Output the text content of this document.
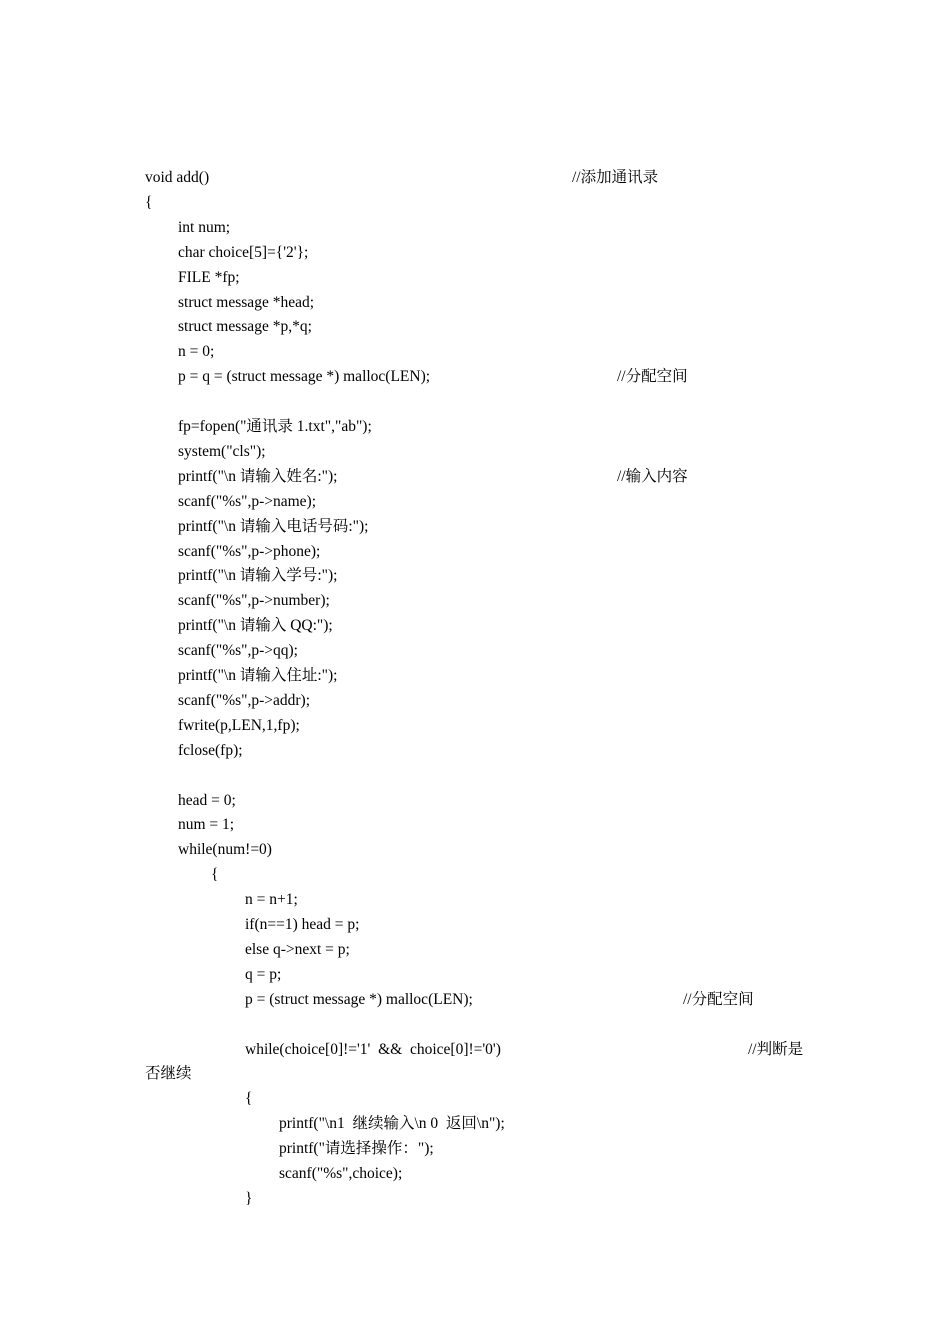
void add()	//添加通讯录
{
int num;
char choice[5]={'2'};
FILE *fp;
struct message *head;
struct message *p,*q;
n = 0;
p = q = (struct message *) malloc(LEN);	//分配空间
fp=fopen("通讯录 1.txt","ab");
system("cls");
printf("\n 请输入姓名:");	//输入内容
scanf("%s",p->name);
printf("\n 请输入电话号码:");
scanf("%s",p->phone);
printf("\n 请输入学号:");
scanf("%s",p->number);
printf("\n 请输入 QQ:");
scanf("%s",p->qq);
printf("\n 请输入住址:");
scanf("%s",p->addr);
fwrite(p,LEN,1,fp);
fclose(fp);
head = 0;
num = 1;
while(num!=0)
{
n = n+1;
if(n==1) head = p;
else q->next = p;
q = p;
p = (struct message *) malloc(LEN);	//分配空间
while(choice[0]!='1'  &&  choice[0]!='0')	//判断是
否继续
{
printf("\n1  继续输入\n 0  返回\n");
printf("请选择操作：");
scanf("%s",choice);
}
